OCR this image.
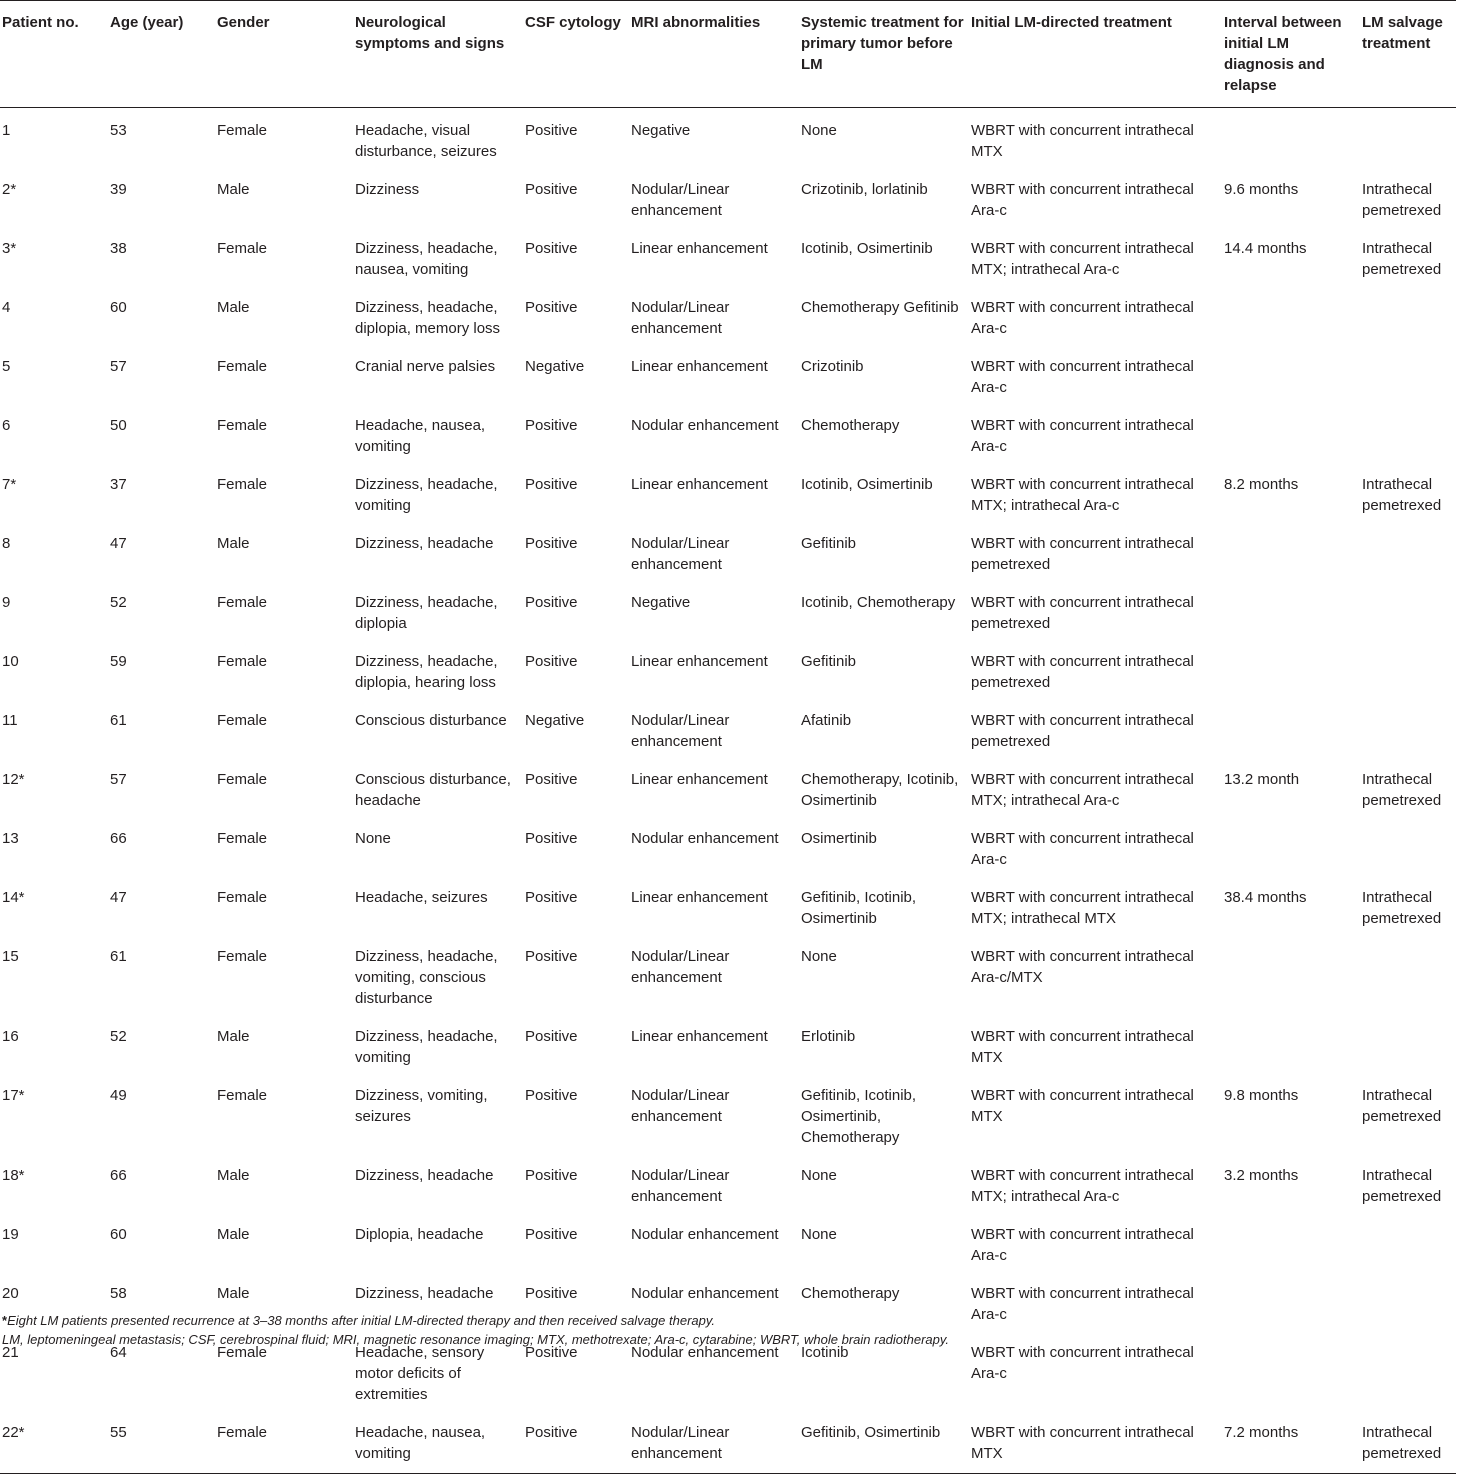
Patient no.	Age (year)	Gender	Neurological symptoms and signs	CSF cytology	MRI abnormalities	Systemic treatment for primary tumor before LM	Initial LM-directed treatment	Interval between initial LM diagnosis and relapse	LM salvage treatment
1	53	Female	Headache, visual disturbance, seizures	Positive	Negative	None	WBRT with concurrent intrathecal MTX		
2*	39	Male	Dizziness	Positive	Nodular/Linear enhancement	Crizotinib, lorlatinib	WBRT with concurrent intrathecal Ara-c	9.6 months	Intrathecal pemetrexed
3*	38	Female	Dizziness, headache, nausea, vomiting	Positive	Linear enhancement	Icotinib, Osimertinib	WBRT with concurrent intrathecal MTX; intrathecal Ara-c	14.4 months	Intrathecal pemetrexed
4	60	Male	Dizziness, headache, diplopia, memory loss	Positive	Nodular/Linear enhancement	Chemotherapy Gefitinib	WBRT with concurrent intrathecal Ara-c		
5	57	Female	Cranial nerve palsies	Negative	Linear enhancement	Crizotinib	WBRT with concurrent intrathecal Ara-c		
6	50	Female	Headache, nausea, vomiting	Positive	Nodular enhancement	Chemotherapy	WBRT with concurrent intrathecal Ara-c		
7*	37	Female	Dizziness, headache, vomiting	Positive	Linear enhancement	Icotinib, Osimertinib	WBRT with concurrent intrathecal MTX; intrathecal Ara-c	8.2 months	Intrathecal pemetrexed
8	47	Male	Dizziness, headache	Positive	Nodular/Linear enhancement	Gefitinib	WBRT with concurrent intrathecal pemetrexed		
9	52	Female	Dizziness, headache, diplopia	Positive	Negative	Icotinib, Chemotherapy	WBRT with concurrent intrathecal pemetrexed		
10	59	Female	Dizziness, headache, diplopia, hearing loss	Positive	Linear enhancement	Gefitinib	WBRT with concurrent intrathecal pemetrexed		
11	61	Female	Conscious disturbance	Negative	Nodular/Linear enhancement	Afatinib	WBRT with concurrent intrathecal pemetrexed		
12*	57	Female	Conscious disturbance, headache	Positive	Linear enhancement	Chemotherapy, Icotinib, Osimertinib	WBRT with concurrent intrathecal MTX; intrathecal Ara-c	13.2 month	Intrathecal pemetrexed
13	66	Female	None	Positive	Nodular enhancement	Osimertinib	WBRT with concurrent intrathecal Ara-c		
14*	47	Female	Headache, seizures	Positive	Linear enhancement	Gefitinib, Icotinib, Osimertinib	WBRT with concurrent intrathecal MTX; intrathecal MTX	38.4 months	Intrathecal pemetrexed
15	61	Female	Dizziness, headache, vomiting, conscious disturbance	Positive	Nodular/Linear enhancement	None	WBRT with concurrent intrathecal Ara-c/MTX		
16	52	Male	Dizziness, headache, vomiting	Positive	Linear enhancement	Erlotinib	WBRT with concurrent intrathecal MTX		
17*	49	Female	Dizziness, vomiting, seizures	Positive	Nodular/Linear enhancement	Gefitinib, Icotinib, Osimertinib, Chemotherapy	WBRT with concurrent intrathecal MTX	9.8 months	Intrathecal pemetrexed
18*	66	Male	Dizziness, headache	Positive	Nodular/Linear enhancement	None	WBRT with concurrent intrathecal MTX; intrathecal Ara-c	3.2 months	Intrathecal pemetrexed
19	60	Male	Diplopia, headache	Positive	Nodular enhancement	None	WBRT with concurrent intrathecal Ara-c		
20	58	Male	Dizziness, headache	Positive	Nodular enhancement	Chemotherapy	WBRT with concurrent intrathecal Ara-c		
21	64	Female	Headache, sensory motor deficits of extremities	Positive	Nodular enhancement	Icotinib	WBRT with concurrent intrathecal Ara-c		
22*	55	Female	Headache, nausea, vomiting	Positive	Nodular/Linear enhancement	Gefitinib, Osimertinib	WBRT with concurrent intrathecal MTX	7.2 months	Intrathecal pemetrexed
*Eight LM patients presented recurrence at 3–38 months after initial LM-directed therapy and then received salvage therapy.
LM, leptomeningeal metastasis; CSF, cerebrospinal fluid; MRI, magnetic resonance imaging; MTX, methotrexate; Ara-c, cytarabine; WBRT, whole brain radiotherapy.
